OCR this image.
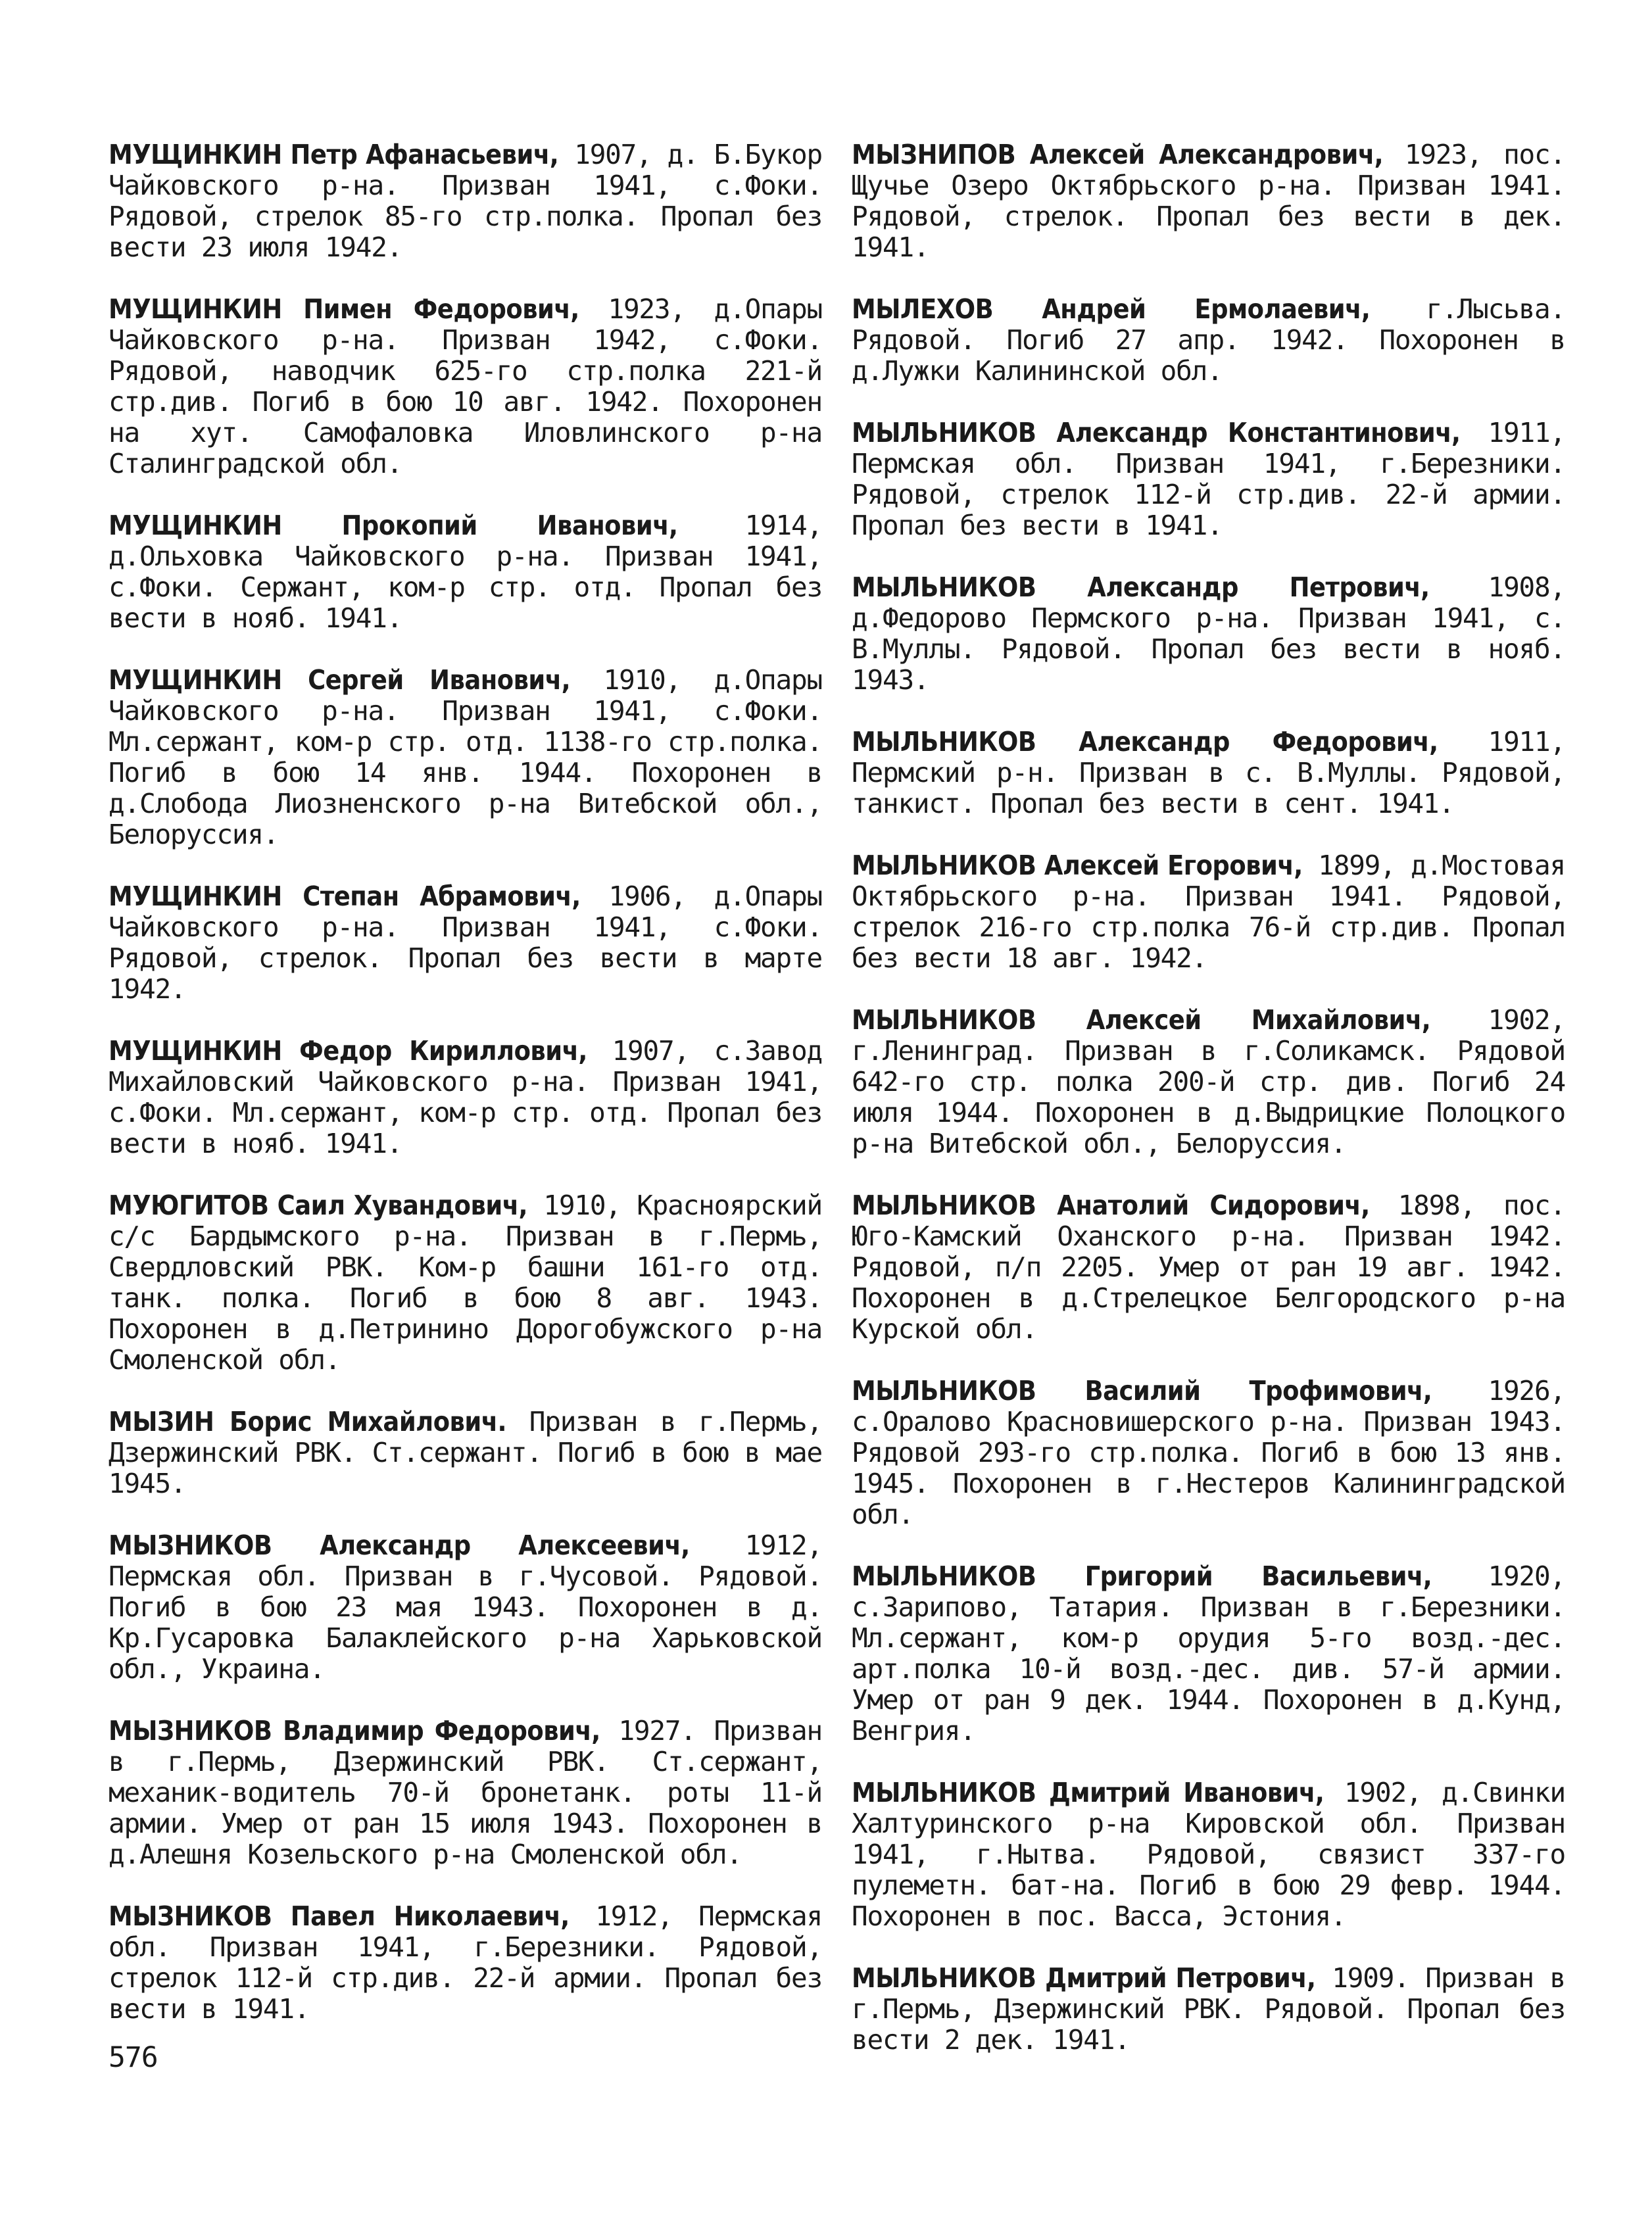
МУЩИНКИН Петр Афанасьевич, 1907, д. Б.Букор Чайковского р-на. Призван 1941, с.Фоки. Рядовой, стрелок 85-го стр.полка. Пропал без вести 23 июля 1942.

МУЩИНКИН Пимен Федорович, 1923, д.Опары Чайковского р-на. Призван 1942, с.Фоки. Рядовой, наводчик 625-го стр.полка 221-й стр.див. Погиб в бою 10 авг. 1942. Похоронен на хут. Самофаловка Иловлинского р-на Сталинградской обл.

МУЩИНКИН Прокопий Иванович, 1914, д.Ольховка Чайковского р-на. Призван 1941, с.Фоки. Сержант, ком-р стр. отд. Пропал без вести в нояб. 1941.

МУЩИНКИН Сергей Иванович, 1910, д.Опары Чайковского р-на. Призван 1941, с.Фоки. Мл.сержант, ком-р стр. отд. 1138-го стр.полка. Погиб в бою 14 янв. 1944. Похоронен в д.Слобода Лиозненского р-на Витебской обл., Белоруссия.

МУЩИНКИН Степан Абрамович, 1906, д.Опары Чайковского р-на. Призван 1941, с.Фоки. Рядовой, стрелок. Пропал без вести в марте 1942.

МУЩИНКИН Федор Кириллович, 1907, с.Завод Михайловский Чайковского р-на. Призван 1941, с.Фоки. Мл.сержант, ком-р стр. отд. Пропал без вести в нояб. 1941.

МУЮГИТОВ Саил Хувандович, 1910, Красноярский с/с Бардымского р-на. Призван в г.Пермь, Свердловский РВК. Ком-р башни 161-го отд. танк. полка. Погиб в бою 8 авг. 1943. Похоронен в д.Петринино Дорогобужского р-на Смоленской обл.

МЫЗИН Борис Михайлович. Призван в г.Пермь, Дзержинский РВК. Ст.сержант. Погиб в бою в мае 1945.

МЫЗНИКОВ Александр Алексеевич, 1912, Пермская обл. Призван в г.Чусовой. Рядовой. Погиб в бою 23 мая 1943. Похоронен в д. Кр.Гусаровка Балаклейского р-на Харьковской обл., Украина.

МЫЗНИКОВ Владимир Федорович, 1927. Призван в г.Пермь, Дзержинский РВК. Ст.сержант, механик-водитель 70-й бронетанк. роты 11-й армии. Умер от ран 15 июля 1943. Похоронен в д.Алешня Козельского р-на Смоленской обл.

МЫЗНИКОВ Павел Николаевич, 1912, Пермская обл. Призван 1941, г.Березники. Рядовой, стрелок 112-й стр.див. 22-й армии. Пропал без вести в 1941.

МЫЗНИПОВ Алексей Александрович, 1923, пос. Щучье Озеро Октябрьского р-на. Призван 1941. Рядовой, стрелок. Пропал без вести в дек. 1941.

МЫЛЕХОВ Андрей Ермолаевич, г.Лысьва. Рядовой. Погиб 27 апр. 1942. Похоронен в д.Лужки Калининской обл.

МЫЛЬНИКОВ Александр Константинович, 1911, Пермская обл. Призван 1941, г.Березники. Рядовой, стрелок 112-й стр.див. 22-й армии. Пропал без вести в 1941.

МЫЛЬНИКОВ Александр Петрович, 1908, д.Федорово Пермского р-на. Призван 1941, с. В.Муллы. Рядовой. Пропал без вести в нояб. 1943.

МЫЛЬНИКОВ Александр Федорович, 1911, Пермский р-н. Призван в с. В.Муллы. Рядовой, танкист. Пропал без вести в сент. 1941.

МЫЛЬНИКОВ Алексей Егорович, 1899, д.Мостовая Октябрьского р-на. Призван 1941. Рядовой, стрелок 216-го стр.полка 76-й стр.див. Пропал без вести 18 авг. 1942.

МЫЛЬНИКОВ Алексей Михайлович, 1902, г.Ленинград. Призван в г.Соликамск. Рядовой 642-го стр. полка 200-й стр. див. Погиб 24 июля 1944. Похоронен в д.Выдрицкие Полоцкого р-на Витебской обл., Белоруссия.

МЫЛЬНИКОВ Анатолий Сидорович, 1898, пос. Юго-Камский Оханского р-на. Призван 1942. Рядовой, п/п 2205. Умер от ран 19 авг. 1942. Похоронен в д.Стрелецкое Белгородского р-на Курской обл.

МЫЛЬНИКОВ Василий Трофимович, 1926, с.Оралово Красновишерского р-на. Призван 1943. Рядовой 293-го стр.полка. Погиб в бою 13 янв. 1945. Похоронен в г.Нестеров Калининградской обл.

МЫЛЬНИКОВ Григорий Васильевич, 1920, с.Зарипово, Татария. Призван в г.Березники. Мл.сержант, ком-р орудия 5-го возд.-дес. арт.полка 10-й возд.-дес. див. 57-й армии. Умер от ран 9 дек. 1944. Похоронен в д.Кунд, Венгрия.

МЫЛЬНИКОВ Дмитрий Иванович, 1902, д.Свинки Халтуринского р-на Кировской обл. Призван 1941, г.Нытва. Рядовой, связист 337-го пулеметн. бат-на. Погиб в бою 29 февр. 1944. Похоронен в пос. Васса, Эстония.

МЫЛЬНИКОВ Дмитрий Петрович, 1909. Призван в г.Пермь, Дзержинский РВК. Рядовой. Пропал без вести 2 дек. 1941.

576
